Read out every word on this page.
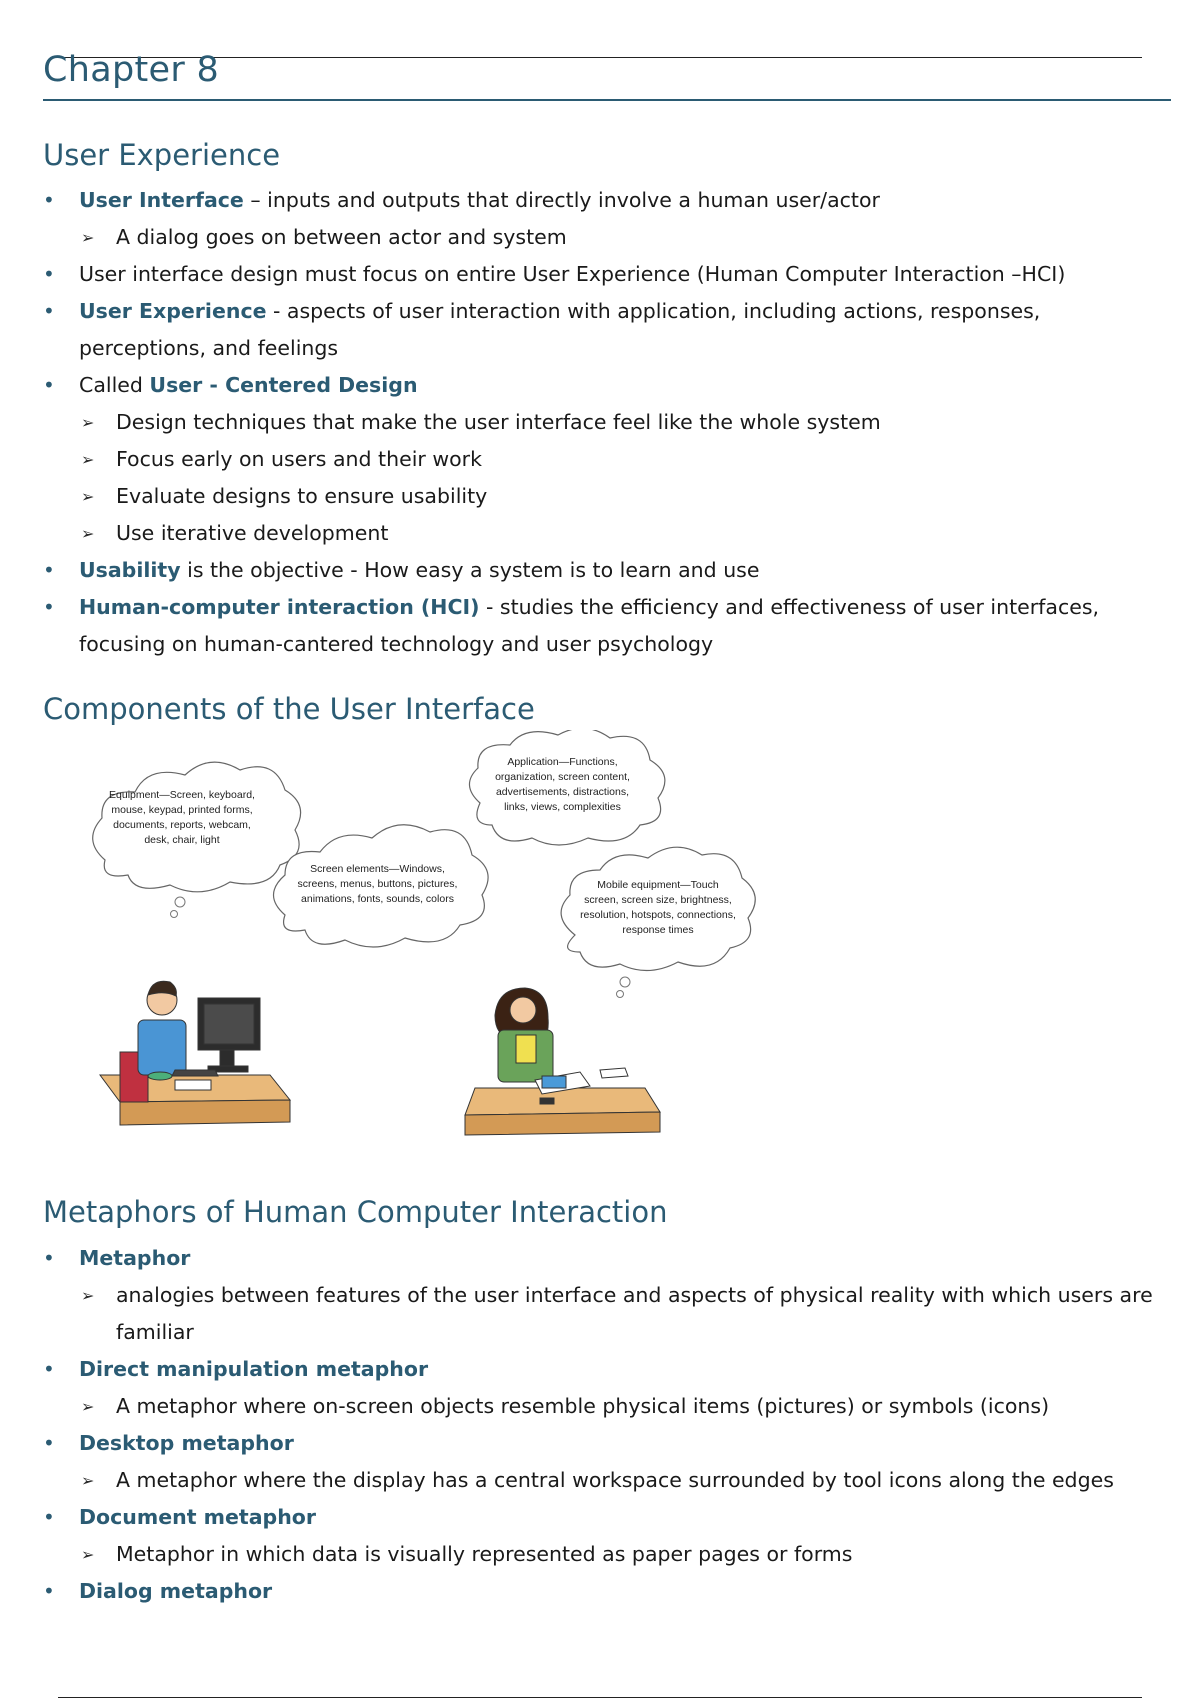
Chapter 8
User Experience
• User Interface – inputs and outputs that directly involve a human user/actor
➢ A dialog goes on between actor and system
• User interface design must focus on entire User Experience (Human Computer Interaction –HCI)
• User Experience - aspects of user interaction with application, including actions, responses, perceptions, and feelings
• Called User - Centered Design
➢ Design techniques that make the user interface feel like the whole system
➢ Focus early on users and their work
➢ Evaluate designs to ensure usability
➢ Use iterative development
• Usability is the objective - How easy a system is to learn and use
• Human-computer interaction (HCI) - studies the efficiency and effectiveness of user interfaces, focusing on human-cantered technology and user psychology
Components of the User Interface
Equipment—Screen, keyboard,
mouse, keypad, printed forms,
documents, reports, webcam,
desk, chair, light
Screen elements—Windows,
screens, menus, buttons, pictures,
animations, fonts, sounds, colors
Application—Functions,
organization, screen content,
advertisements, distractions,
links, views, complexities
Mobile equipment—Touch
screen, screen size, brightness,
resolution, hotspots, connections,
response times
Metaphors of Human Computer Interaction
• Metaphor
➢ analogies between features of the user interface and aspects of physical reality with which users are familiar
• Direct manipulation metaphor
➢ A metaphor where on-screen objects resemble physical items (pictures) or symbols (icons)
• Desktop metaphor
➢ A metaphor where the display has a central workspace surrounded by tool icons along the edges
• Document metaphor
➢ Metaphor in which data is visually represented as paper pages or forms
• Dialog metaphor
